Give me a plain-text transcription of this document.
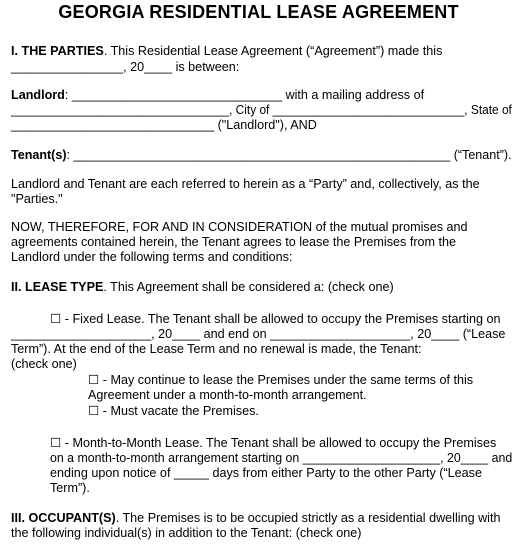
GEORGIA RESIDENTIAL LEASE AGREEMENT
I. THE PARTIES. This Residential Lease Agreement (“Agreement”) made this
________________, 20____ is between:
Landlord: ______________________________ with a mailing address of
_________________________________, City of _____________________________, State of
_____________________________ ("Landlord"), AND
Tenant(s): ______________________________________________________ (“Tenant”).
Landlord and Tenant are each referred to herein as a “Party” and, collectively, as the
"Parties."
NOW, THEREFORE, FOR AND IN CONSIDERATION of the mutual promises and
agreements contained herein, the Tenant agrees to lease the Premises from the
Landlord under the following terms and conditions:
II. LEASE TYPE. This Agreement shall be considered a: (check one)
☐ - Fixed Lease. The Tenant shall be allowed to occupy the Premises starting on
____________________, 20____ and end on ____________________, 20____ (“Lease
Term”). At the end of the Lease Term and no renewal is made, the Tenant:
(check one)
☐ - May continue to lease the Premises under the same terms of this
Agreement under a month-to-month arrangement.
☐ - Must vacate the Premises.
☐ - Month-to-Month Lease. The Tenant shall be allowed to occupy the Premises
on a month-to-month arrangement starting on ____________________, 20____ and
ending upon notice of _____ days from either Party to the other Party (“Lease
Term”).
III. OCCUPANT(S). The Premises is to be occupied strictly as a residential dwelling with
the following individual(s) in addition to the Tenant: (check one)
